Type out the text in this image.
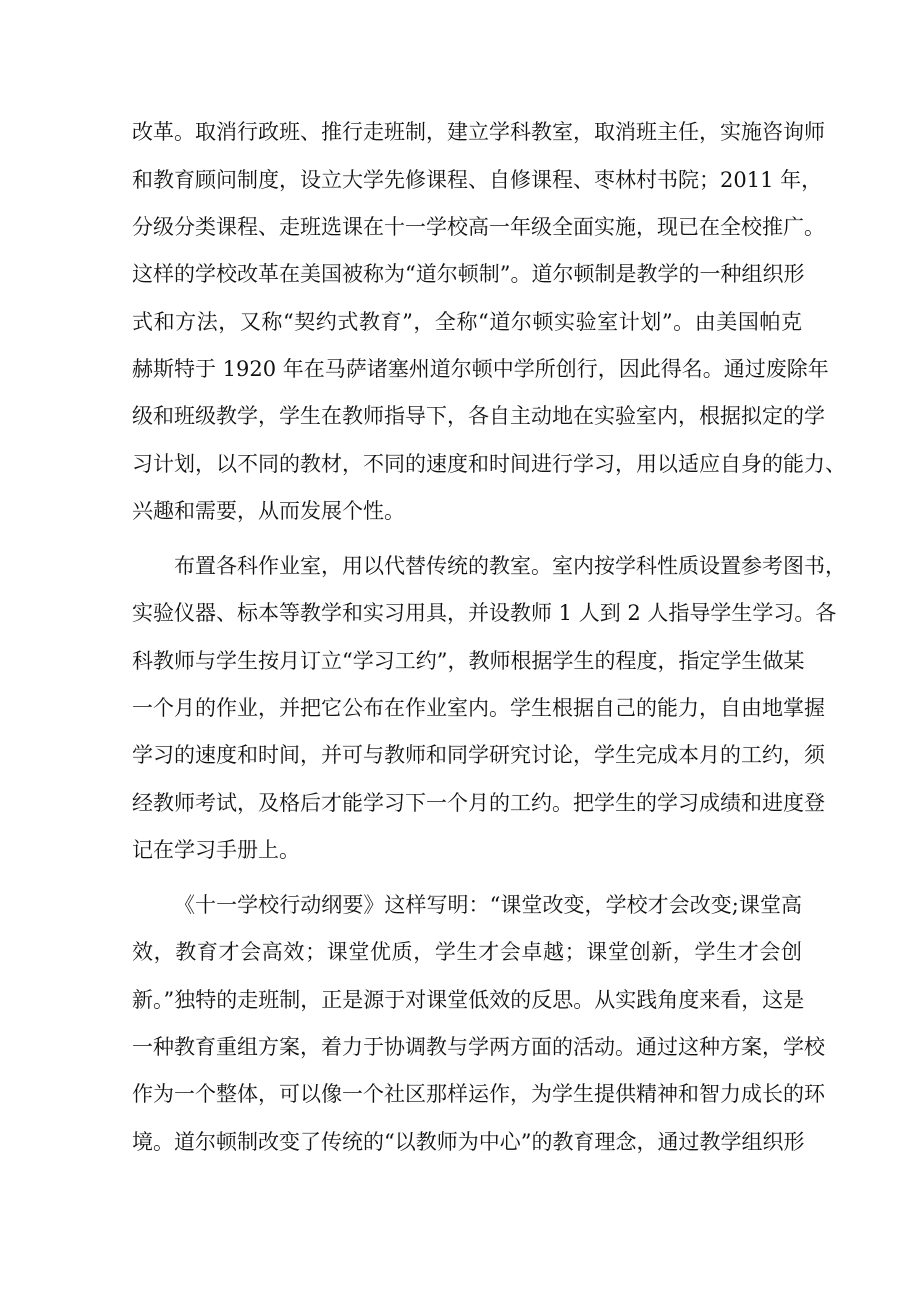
改革。取消行政班、推行走班制，建立学科教室，取消班主任，实施咨询师
和教育顾问制度，设立大学先修课程、自修课程、枣林村书院；2011 年，
分级分类课程、走班选课在十一学校高一年级全面实施，现已在全校推广。
这样的学校改革在美国被称为“道尔顿制”。道尔顿制是教学的一种组织形
式和方法，又称“契约式教育”，全称“道尔顿实验室计划”。由美国帕克
赫斯特于 1920 年在马萨诸塞州道尔顿中学所创行，因此得名。通过废除年
级和班级教学，学生在教师指导下，各自主动地在实验室内，根据拟定的学
习计划，以不同的教材，不同的速度和时间进行学习，用以适应自身的能力、
兴趣和需要，从而发展个性。
布置各科作业室，用以代替传统的教室。室内按学科性质设置参考图书，
实验仪器、标本等教学和实习用具，并设教师 1 人到 2 人指导学生学习。各
科教师与学生按月订立“学习工约”，教师根据学生的程度，指定学生做某
一个月的作业，并把它公布在作业室内。学生根据自己的能力，自由地掌握
学习的速度和时间，并可与教师和同学研究讨论，学生完成本月的工约，须
经教师考试，及格后才能学习下一个月的工约。把学生的学习成绩和进度登
记在学习手册上。
《十一学校行动纲要》这样写明：“课堂改变，学校才会改变;课堂高
效，教育才会高效；课堂优质，学生才会卓越；课堂创新，学生才会创
新。”独特的走班制，正是源于对课堂低效的反思。从实践角度来看，这是
一种教育重组方案，着力于协调教与学两方面的活动。通过这种方案，学校
作为一个整体，可以像一个社区那样运作，为学生提供精神和智力成长的环
境。道尔顿制改变了传统的“以教师为中心”的教育理念，通过教学组织形
